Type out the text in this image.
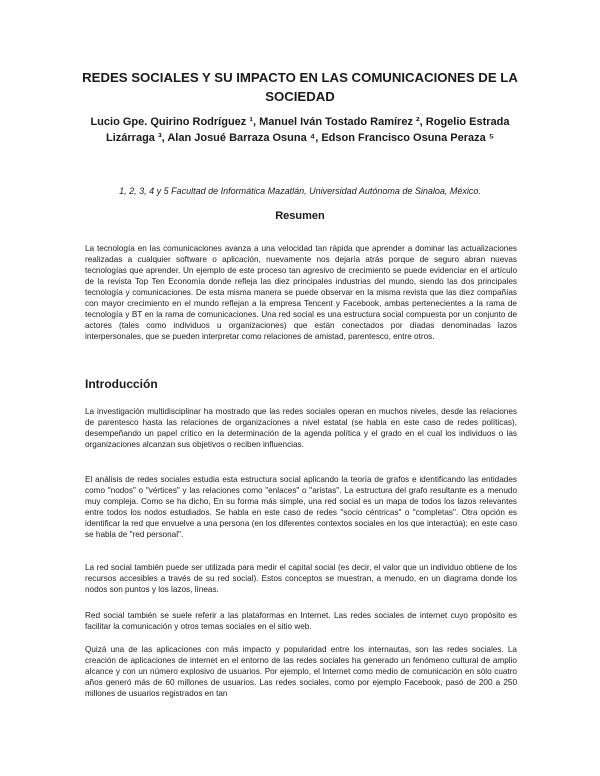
REDES SOCIALES Y SU IMPACTO EN LAS COMUNICACIONES DE LA SOCIEDAD
Lucio Gpe. Quirino Rodríguez ¹, Manuel Iván Tostado Ramírez ², Rogelio Estrada Lizárraga ³, Alan Josué Barraza Osuna ⁴, Edson Francisco Osuna Peraza ⁵
1, 2, 3, 4 y 5 Facultad de Informática Mazatlán, Universidad Autónoma de Sinaloa, México.
Resumen

La tecnología en las comunicaciones avanza a una velocidad tan rápida que aprender a dominar las actualizaciones realizadas a cualquier software o aplicación, nuevamente nos dejaría atrás porque de seguro abran nuevas tecnologías que aprender. Un ejemplo de este proceso tan agresivo de crecimiento se puede evidenciar en el artículo de la revista Top Ten Economía donde refleja las diez principales industrias del mundo, siendo las dos principales tecnología y comunicaciones. De esta misma manera se puede observar en la misma revista que las diez compañías con mayor crecimiento en el mundo reflejan a la empresa Tencent y Facebook, ambas pertenecientes a la rama de tecnología y BT en la rama de comunicaciones. Una red social es una estructura social compuesta por un conjunto de actores (tales como individuos u organizaciones) que están conectados por díadas denominadas lazos interpersonales, que se pueden interpretar como relaciones de amistad, parentesco, entre otros.

Introducción

La investigación multidisciplinar ha mostrado que las redes sociales operan en muchos niveles, desde las relaciones de parentesco hasta las relaciones de organizaciones a nivel estatal (se habla en este caso de redes políticas), desempeñando un papel crítico en la determinación de la agenda política y el grado en el cual los individuos o las organizaciones alcanzan sus objetivos o reciben influencias.

El análisis de redes sociales estudia esta estructura social aplicando la teoría de grafos e identificando las entidades como "nodos" o "vértices" y las relaciones como "enlaces" o "aristas". La estructura del grafo resultante es a menudo muy compleja. Como se ha dicho, En su forma más simple, una red social es un mapa de todos los lazos relevantes entre todos los nodos estudiados. Se habla en este caso de redes "socio céntricas" o "completas". Otra opción es identificar la red que envuelve a una persona (en los diferentes contextos sociales en los que interactúa); en este caso se habla de "red personal".

La red social también puede ser utilizada para medir el capital social (es decir, el valor que un individuo obtiene de los recursos accesibles a través de su red social). Estos conceptos se muestran, a menudo, en un diagrama donde los nodos son puntos y los lazos, líneas.

Red social también se suele referir a las plataformas en Internet. Las redes sociales de internet cuyo propósito es facilitar la comunicación y otros temas sociales en el sitio web.

Quizá una de las aplicaciones con más impacto y popularidad entre los internautas, son las redes sociales. La creación de aplicaciones de internet en el entorno de las redes sociales ha generado un fenómeno cultural de amplio alcance y con un número explosivo de usuarios. Por ejemplo, el Internet como medio de comunicación en sólo cuatro años generó más de 60 millones de usuarios. Las redes sociales, como por ejemplo Facebook, pasó de 200 a 250 millones de usuarios registrados en tan
